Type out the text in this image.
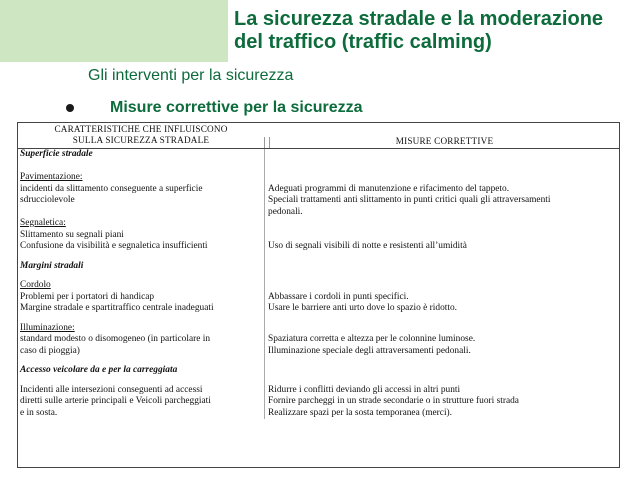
La sicurezza stradale e la moderazione
del traffico (traffic calming)
Gli interventi per la sicurezza
Misure correttive per la sicurezza
CARATTERISTICHE CHE INFLUISCONO
SULLA SICUREZZA STRADALE	MISURE CORRETTIVE
Superficie stradale
Pavimentazione:
incidenti da slittamento conseguente a superficie	Adeguati programmi di manutenzione e rifacimento del tappeto.
sdrucciolevole	Speciali trattamenti anti slittamento in punti critici quali gli attraversamenti
pedonali.
Segnaletica:
Slittamento su segnali piani
Confusione da visibilità e segnaletica insufficienti	Uso di segnali visibili di notte e resistenti all’umidità
Margini stradali
Cordolo
Problemi per i portatori di handicap	Abbassare i cordoli in punti specifici.
Margine stradale e spartitraffico centrale inadeguati	Usare le barriere anti urto dove lo spazio è ridotto.
Illuminazione:
standard modesto o disomogeneo (in particolare in	Spaziatura corretta e altezza per le colonnine luminose.
caso di pioggia)	Illuminazione speciale degli attraversamenti pedonali.
Accesso veicolare da e per la carreggiata
Incidenti alle intersezioni conseguenti ad accessi	Ridurre i conflitti deviando gli accessi in altri punti
diretti sulle arterie principali e Veicoli parcheggiati	Fornire parcheggi in un strade secondarie o in strutture fuori strada
e in sosta.	Realizzare spazi per la sosta temporanea (merci).
